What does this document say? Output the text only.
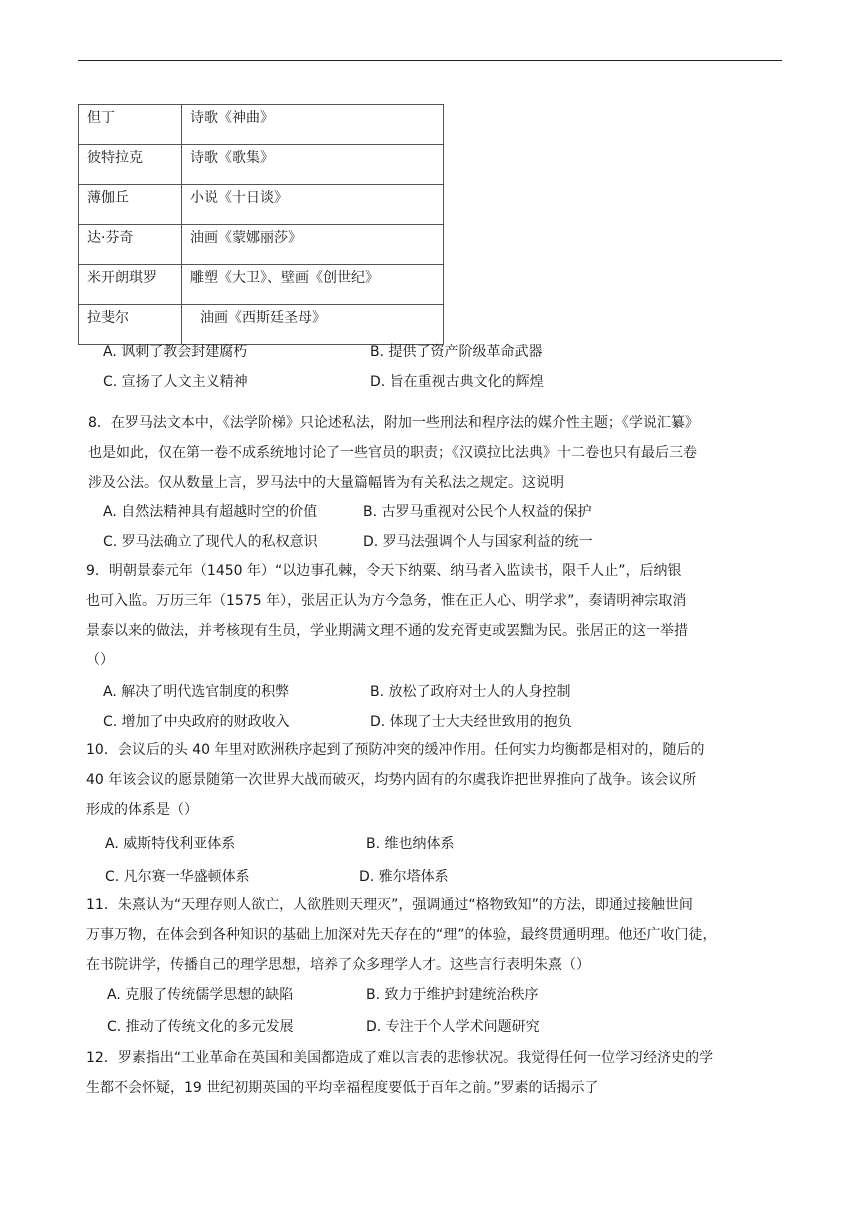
但丁	诗歌《神曲》
彼特拉克	诗歌《歌集》
薄伽丘	小说《十日谈》
达·芬奇	油画《蒙娜丽莎》
米开朗琪罗	雕塑《大卫》、壁画《创世纪》
拉斐尔	油画《西斯廷圣母》
A. 讽刺了教会封建腐朽	B. 提供了资产阶级革命武器
C. 宣扬了人文主义精神	D. 旨在重视古典文化的辉煌
8．在罗马法文本中，《法学阶梯》只论述私法，附加一些刑法和程序法的媒介性主题；《学说汇纂》
也是如此，仅在第一卷不成系统地讨论了一些官员的职责；《汉谟拉比法典》十二卷也只有最后三卷
涉及公法。仅从数量上言，罗马法中的大量篇幅皆为有关私法之规定。这说明
A. 自然法精神具有超越时空的价值	B. 古罗马重视对公民个人权益的保护
C. 罗马法确立了现代人的私权意识	D. 罗马法强调个人与国家利益的统一
9．明朝景泰元年（1450 年）“以边事孔棘，令天下纳粟、纳马者入监读书，限千人止”，后纳银
也可入监。万历三年（1575 年），张居正认为方今急务，惟在正人心、明学求”，奏请明神宗取消
景泰以来的做法，并考核现有生员，学业期满文理不通的发充胥吏或罢黜为民。张居正的这一举措
（）
A. 解决了明代选官制度的积弊	B. 放松了政府对士人的人身控制
C. 增加了中央政府的财政收入	D. 体现了士大夫经世致用的抱负
10．会议后的头 40 年里对欧洲秩序起到了预防冲突的缓冲作用。任何实力均衡都是相对的，随后的
40 年该会议的愿景随第一次世界大战而破灭，均势内固有的尔虞我诈把世界推向了战争。该会议所
形成的体系是（）
A. 威斯特伐利亚体系	B. 维也纳体系
C. 凡尔赛一华盛顿体系	D. 雅尔塔体系
11．朱熹认为“天理存则人欲亡，人欲胜则天理灭”，强调通过“格物致知”的方法，即通过接触世间
万事万物，在体会到各种知识的基础上加深对先天存在的“理”的体验，最终贯通明理。他还广收门徒，
在书院讲学，传播自己的理学思想，培养了众多理学人才。这些言行表明朱熹（）
A. 克服了传统儒学思想的缺陷	B. 致力于维护封建统治秩序
C. 推动了传统文化的多元发展	D. 专注于个人学术问题研究
12．罗素指出“工业革命在英国和美国都造成了难以言表的悲惨状况。我觉得任何一位学习经济史的学
生都不会怀疑，19 世纪初期英国的平均幸福程度要低于百年之前。”罗素的话揭示了
